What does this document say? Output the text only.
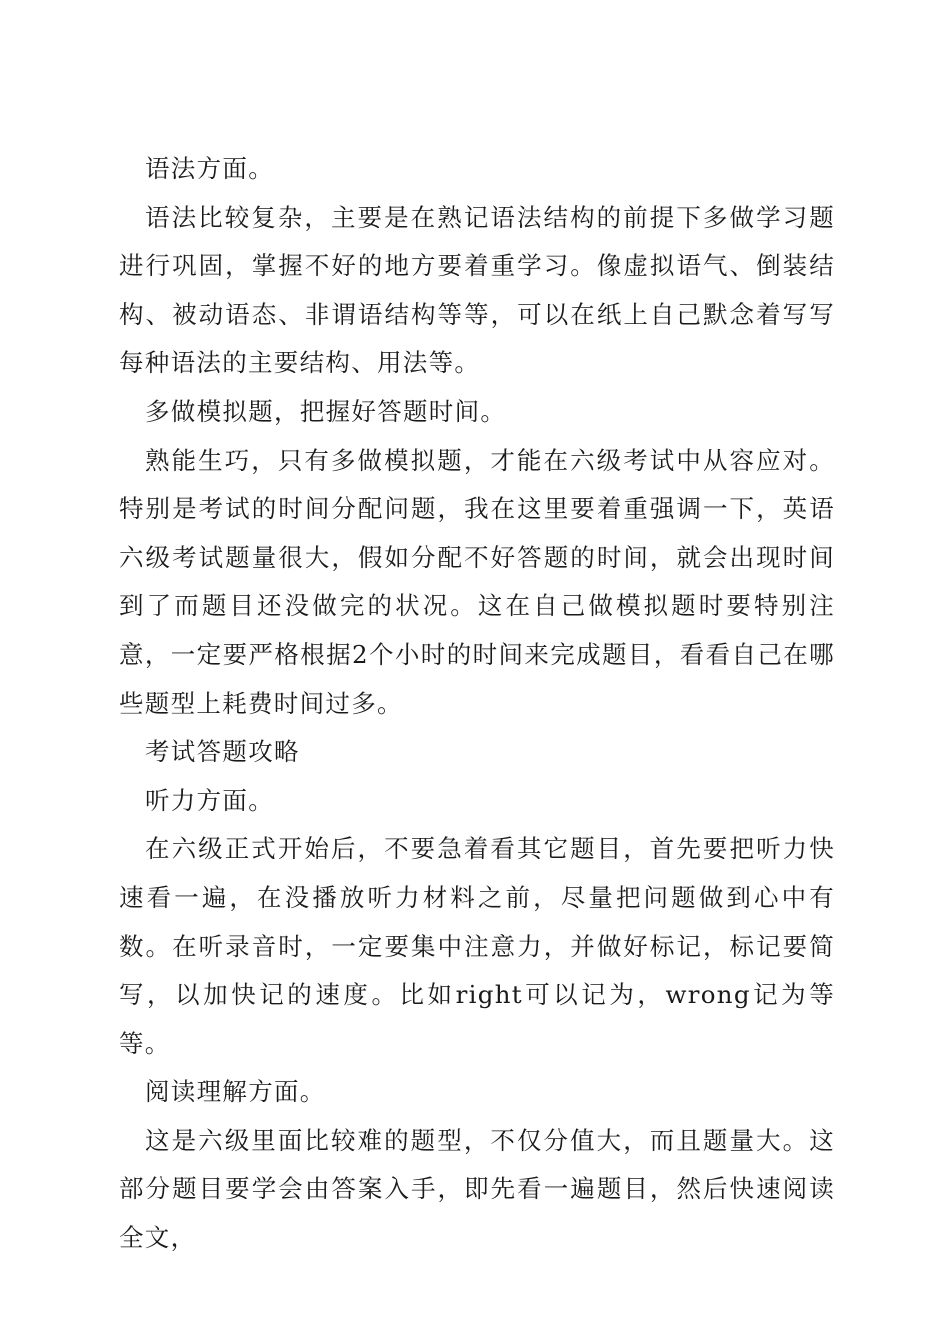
语法方面。

语法比较复杂，主要是在熟记语法结构的前提下多做学习题进行巩固，掌握不好的地方要着重学习。像虚拟语气、倒装结构、被动语态、非谓语结构等等，可以在纸上自己默念着写写每种语法的主要结构、用法等。

多做模拟题，把握好答题时间。

熟能生巧，只有多做模拟题，才能在六级考试中从容应对。特别是考试的时间分配问题，我在这里要着重强调一下，英语六级考试题量很大，假如分配不好答题的时间，就会出现时间到了而题目还没做完的状况。这在自己做模拟题时要特别注意，一定要严格根据2个小时的时间来完成题目，看看自己在哪些题型上耗费时间过多。

考试答题攻略

听力方面。

在六级正式开始后，不要急着看其它题目，首先要把听力快速看一遍，在没播放听力材料之前，尽量把问题做到心中有数。在听录音时，一定要集中注意力，并做好标记，标记要简写，以加快记的速度。比如right可以记为，wrong记为等等。

阅读理解方面。

这是六级里面比较难的题型，不仅分值大，而且题量大。这部分题目要学会由答案入手，即先看一遍题目，然后快速阅读全文，
